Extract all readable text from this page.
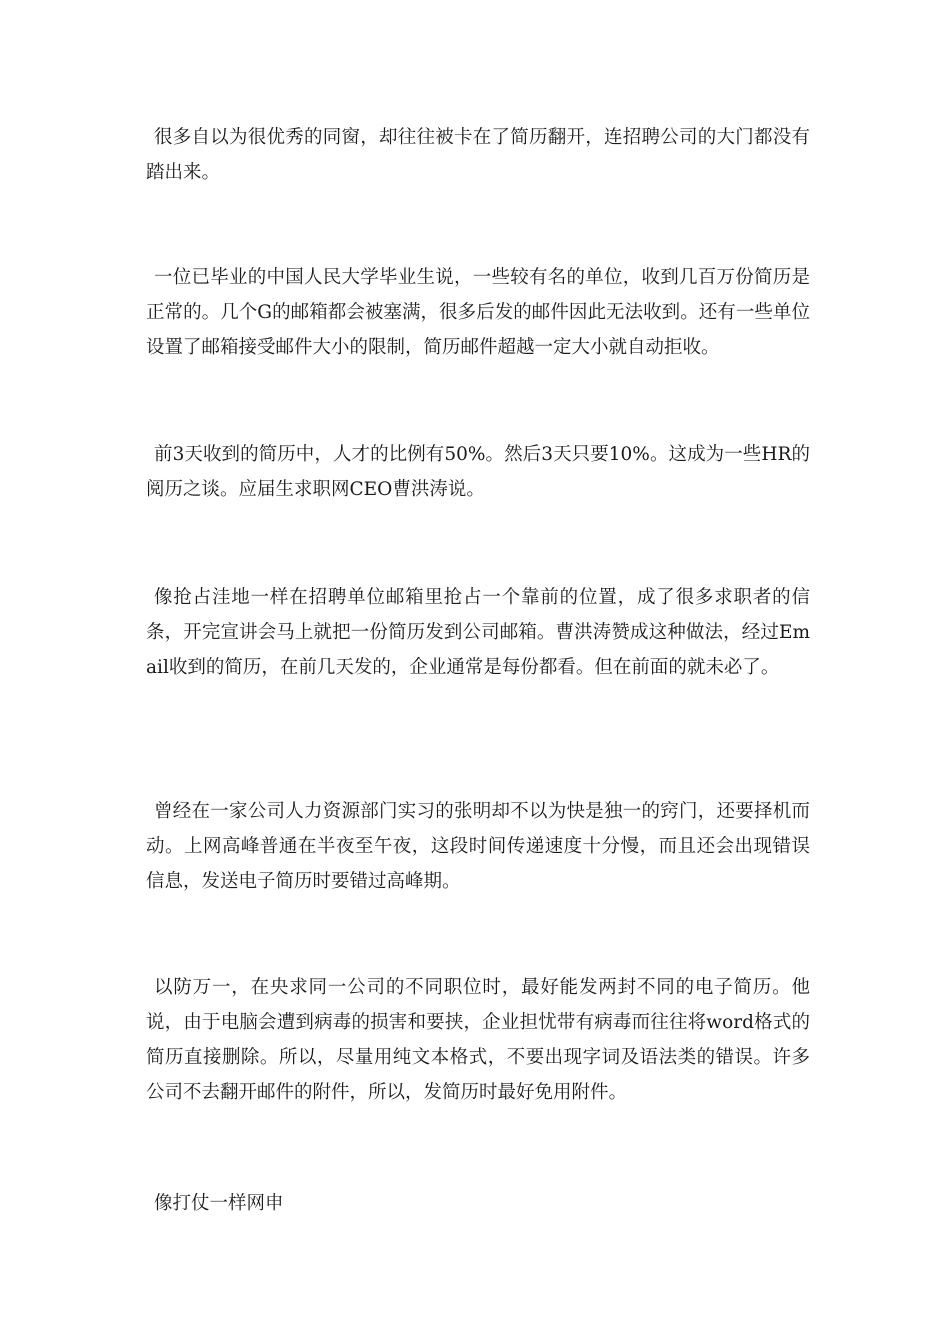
很多自以为很优秀的同窗，却往往被卡在了简历翻开，连招聘公司的大门都没有踏出来。

一位已毕业的中国人民大学毕业生说，一些较有名的单位，收到几百万份简历是正常的。几个G的邮箱都会被塞满，很多后发的邮件因此无法收到。还有一些单位设置了邮箱接受邮件大小的限制，简历邮件超越一定大小就自动拒收。

前3天收到的简历中，人才的比例有50%。然后3天只要10%。这成为一些HR的阅历之谈。应届生求职网CEO曹洪涛说。

像抢占洼地一样在招聘单位邮箱里抢占一个靠前的位置，成了很多求职者的信条，开完宣讲会马上就把一份简历发到公司邮箱。曹洪涛赞成这种做法，经过Email收到的简历，在前几天发的，企业通常是每份都看。但在前面的就未必了。

曾经在一家公司人力资源部门实习的张明却不以为快是独一的窍门，还要择机而动。上网高峰普通在半夜至午夜，这段时间传递速度十分慢，而且还会出现错误信息，发送电子简历时要错过高峰期。

以防万一，在央求同一公司的不同职位时，最好能发两封不同的电子简历。他说，由于电脑会遭到病毒的损害和要挟，企业担忧带有病毒而往往将word格式的简历直接删除。所以，尽量用纯文本格式，不要出现字词及语法类的错误。许多公司不去翻开邮件的附件，所以，发简历时最好免用附件。

像打仗一样网申
